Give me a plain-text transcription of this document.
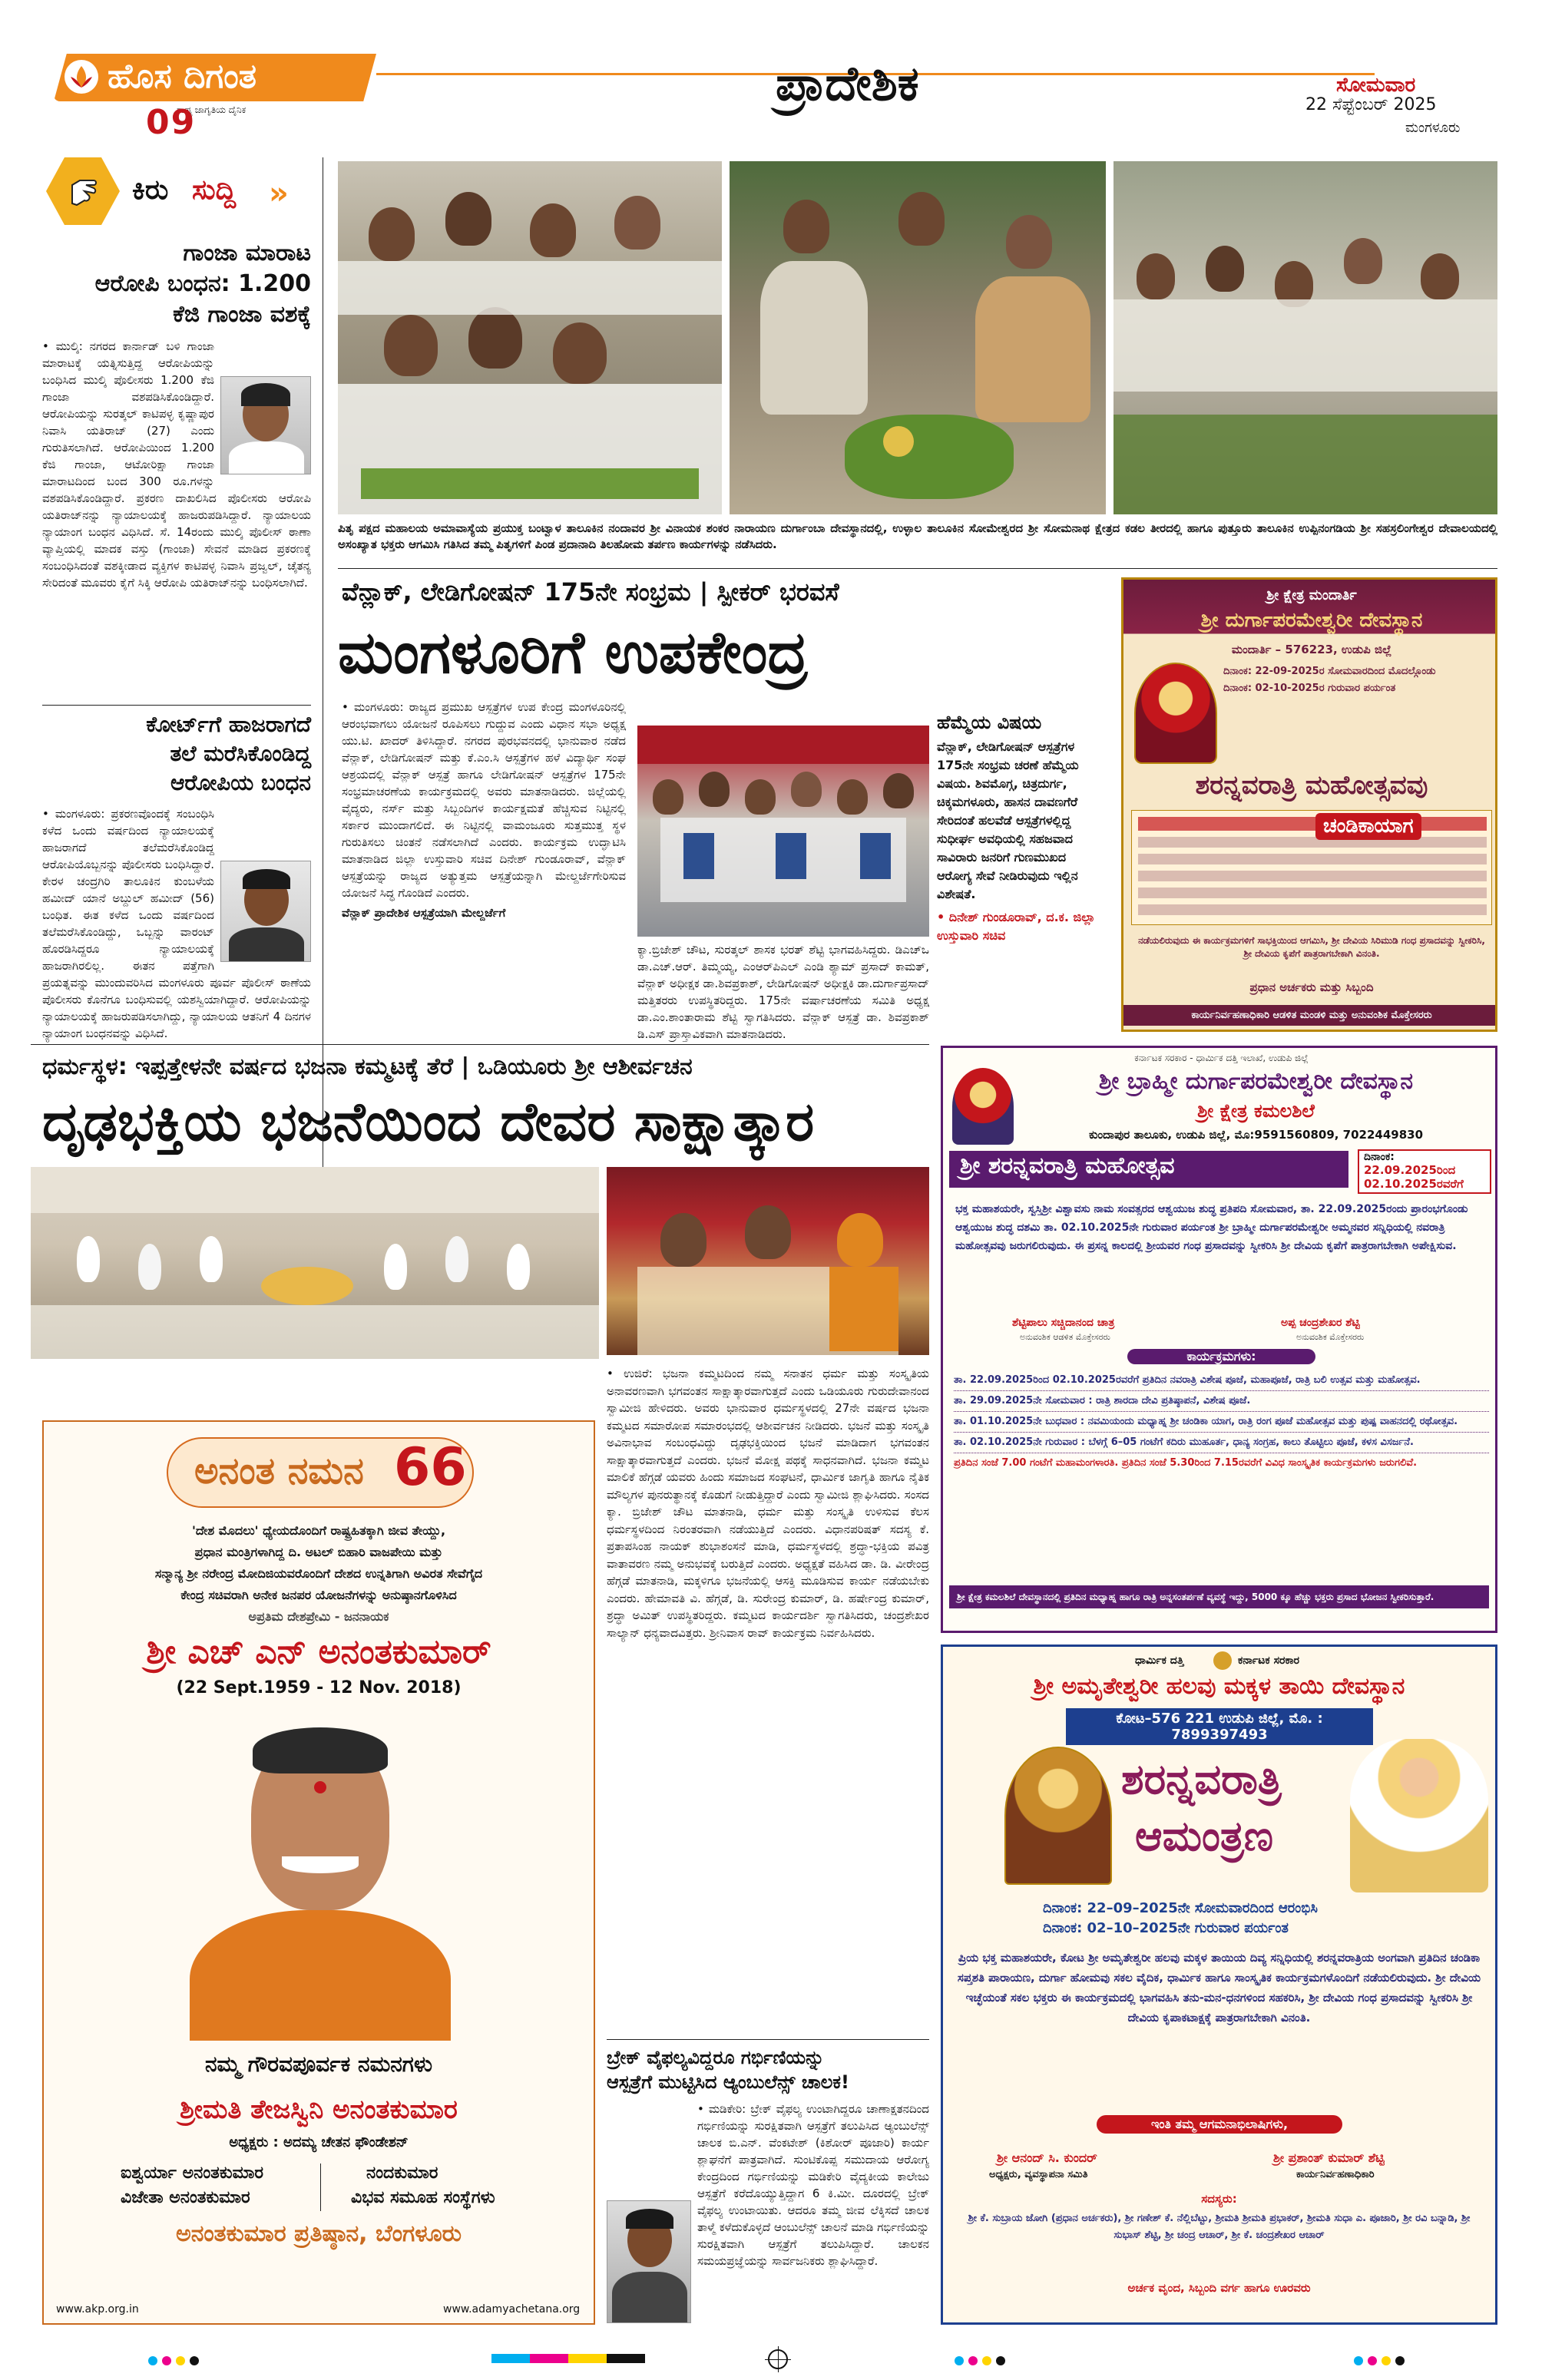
ಹೊಸ ದಿಗಂತ
ರಾಷ್ಟ್ರ ಜಾಗೃತಿಯ ದೈನಿಕ
09
ಪ್ರಾದೇಶಿಕ	ಸೋಮವಾರ
22 ಸೆಪ್ಟೆಂಬರ್ 2025
ಮಂಗಳೂರು
ಕಿರು ಸುದ್ದಿ »
ಗಾಂಜಾ ಮಾರಾಟ
ಆರೋಪಿ ಬಂಧನ: 1.200
ಕೆಜಿ ಗಾಂಜಾ ವಶಕ್ಕೆ

• ಮುಲ್ಕಿ: ನಗರದ ಕಾರ್ನಾಡ್ ಬಳಿ ಗಾಂಜಾ ಮಾರಾಟಕ್ಕೆ ಯತ್ನಿಸುತ್ತಿದ್ದ ಆರೋಪಿಯನ್ನು ಬಂಧಿಸಿದ ಮುಲ್ಕಿ ಪೊಲೀಸರು 1.200 ಕೆಜಿ ಗಾಂಜಾ ವಶಪಡಿಸಿಕೊಂಡಿದ್ದಾರೆ. ಆರೋಪಿಯನ್ನು ಸುರತ್ಕಲ್ ಕಾಟಿಪಳ್ಳ ಕೃಷ್ಣಾಪುರ ನಿವಾಸಿ ಯತಿರಾಜ್ (27) ಎಂದು ಗುರುತಿಸಲಾಗಿದೆ. ಆರೋಪಿಯಿಂದ 1.200 ಕೆಜಿ ಗಾಂಜಾ, ಆಟೋರಿಕ್ಷಾ ಗಾಂಜಾ ಮಾರಾಟದಿಂದ ಬಂದ 300 ರೂ.ಗಳನ್ನು ವಶಪಡಿಸಿಕೊಂಡಿದ್ದಾರೆ. ಪ್ರಕರಣ ದಾಖಲಿಸಿದ ಪೊಲೀಸರು ಆರೋಪಿ ಯತಿರಾಜ್‌ನನ್ನು ನ್ಯಾಯಾಲಯಕ್ಕೆ ಹಾಜರುಪಡಿಸಿದ್ದಾರೆ. ನ್ಯಾಯಾಲಯ ನ್ಯಾಯಾಂಗ ಬಂಧನ ವಿಧಿಸಿದೆ. ಸೆ. 14ರಂದು ಮುಲ್ಕಿ ಪೊಲೀಸ್ ಠಾಣಾ ವ್ಯಾಪ್ತಿಯಲ್ಲಿ ಮಾದಕ ವಸ್ತು (ಗಾಂಜಾ) ಸೇವನೆ ಮಾಡಿದ ಪ್ರಕರಣಕ್ಕೆ ಸಂಬಂಧಿಸಿದಂತೆ ವಶಕ್ಕೀಡಾದ ವ್ಯಕ್ತಿಗಳ ಕಾಟಿಪಳ್ಳ ನಿವಾಸಿ ಪ್ರಜ್ವಲ್, ಚೈತನ್ಯ ಸೇರಿದಂತೆ ಮೂವರು ಕೈಗೆ ಸಿಕ್ಕಿ ಆರೋಪಿ ಯತಿರಾಜ್‌ನನ್ನು ಬಂಧಿಸಲಾಗಿದೆ.

ಕೋರ್ಟ್‌ಗೆ ಹಾಜರಾಗದೆ
ತಲೆ ಮರೆಸಿಕೊಂಡಿದ್ದ
ಆರೋಪಿಯ ಬಂಧನ

• ಮಂಗಳೂರು: ಪ್ರಕರಣವೊಂದಕ್ಕೆ ಸಂಬಂಧಿಸಿ ಕಳೆದ ಒಂದು ವರ್ಷದಿಂದ ನ್ಯಾಯಾಲಯಕ್ಕೆ ಹಾಜರಾಗದೆ ತಲೆಮರೆಸಿಕೊಂಡಿದ್ದ ಆರೋಪಿಯೊಬ್ಬನನ್ನು ಪೊಲೀಸರು ಬಂಧಿಸಿದ್ದಾರೆ. ಕೇರಳ ಚಂದ್ರಗಿರಿ ತಾಲೂಕಿನ ಕುಂಬಳೆಯ ಹಮೀದ್ ಯಾನೆ ಅಬ್ದುಲ್ ಹಮೀದ್ (56) ಬಂಧಿತ. ಈತ ಕಳೆದ ಒಂದು ವರ್ಷದಿಂದ ತಲೆಮರೆಸಿಕೊಂಡಿದ್ದು, ಒಬ್ಬನ್ನು ವಾರಂಟ್ ಹೊರಡಿಸಿದ್ದರೂ ನ್ಯಾಯಾಲಯಕ್ಕೆ ಹಾಜರಾಗಿರಲಿಲ್ಲ. ಈತನ ಪತ್ತೆಗಾಗಿ ಪ್ರಯತ್ನವನ್ನು ಮುಂದುವರಿಸಿದ ಮಂಗಳೂರು ಪೂರ್ವ ಪೊಲೀಸ್ ಠಾಣೆಯ ಪೊಲೀಸರು ಕೊನೆಗೂ ಬಂಧಿಸುವಲ್ಲಿ ಯಶಸ್ವಿಯಾಗಿದ್ದಾರೆ. ಆರೋಪಿಯನ್ನು ನ್ಯಾಯಾಲಯಕ್ಕೆ ಹಾಜರುಪಡಿಸಲಾಗಿದ್ದು, ನ್ಯಾಯಾಲಯ ಆತನಿಗೆ 4 ದಿನಗಳ ನ್ಯಾಯಾಂಗ ಬಂಧನವನ್ನು ವಿಧಿಸಿದೆ.

ಪಿತೃ ಪಕ್ಷದ ಮಹಾಲಯ ಅಮಾವಾಸ್ಯೆಯ ಪ್ರಯುಕ್ತ ಬಂಟ್ವಾಳ ತಾಲೂಕಿನ ನಂದಾವರ ಶ್ರೀ ವಿನಾಯಕ ಶಂಕರ ನಾರಾಯಣ ದುರ್ಗಾಂಬಾ ದೇವಸ್ಥಾನದಲ್ಲಿ, ಉಳ್ಳಾಲ ತಾಲೂಕಿನ ಸೋಮೇಶ್ವರದ ಶ್ರೀ ಸೋಮನಾಥ ಕ್ಷೇತ್ರದ ಕಡಲ ತೀರದಲ್ಲಿ ಹಾಗೂ ಪುತ್ತೂರು ತಾಲೂಕಿನ ಉಪ್ಪಿನಂಗಡಿಯ ಶ್ರೀ ಸಹಸ್ರಲಿಂಗೇಶ್ವರ ದೇವಾಲಯದಲ್ಲಿ ಅಸಂಖ್ಯಾತ ಭಕ್ತರು ಆಗಮಿಸಿ ಗತಿಸಿದ ತಮ್ಮ ಪಿತೃಗಳಿಗೆ ಪಿಂಡ ಪ್ರದಾನಾದಿ ತಿಲಹೋಮ ತರ್ಪಣ ಕಾರ್ಯಗಳನ್ನು ನಡೆಸಿದರು.
ವೆನ್ಲಾಕ್, ಲೇಡಿಗೋಷನ್ 175ನೇ ಸಂಭ್ರಮ | ಸ್ಪೀಕರ್ ಭರವಸೆ
ಮಂಗಳೂರಿಗೆ ಉಪಕೇಂದ್ರ

• ಮಂಗಳೂರು: ರಾಜ್ಯದ ಪ್ರಮುಖ ಆಸ್ಪತ್ರೆಗಳ ಉಪ ಕೇಂದ್ರ ಮಂಗಳೂರಿನಲ್ಲಿ ಆರಂಭವಾಗಲು ಯೋಜನೆ ರೂಪಿಸಲು ಗುದ್ದುವ ಎಂದು ವಿಧಾನ ಸಭಾ ಅಧ್ಯಕ್ಷ ಯು.ಟಿ. ಖಾದರ್ ತಿಳಿಸಿದ್ದಾರೆ. ನಗರದ ಪುರಭವನದಲ್ಲಿ ಭಾನುವಾರ ನಡೆದ ವೆನ್ಲಾಕ್, ಲೇಡಿಗೋಷನ್ ಮತ್ತು ಕೆ.ಎಂ.ಸಿ ಆಸ್ಪತ್ರೆಗಳ ಹಳೆ ವಿದ್ಯಾರ್ಥಿ ಸಂಘ ಆಶ್ರಯದಲ್ಲಿ ವೆನ್ಲಾಕ್ ಆಸ್ಪತ್ರೆ ಹಾಗೂ ಲೇಡಿಗೋಷನ್ ಆಸ್ಪತ್ರೆಗಳ 175ನೇ ಸಂಭ್ರಮಾಚರಣೆಯ ಕಾರ್ಯಕ್ರಮದಲ್ಲಿ ಅವರು ಮಾತನಾಡಿದರು. ಜಿಲ್ಲೆಯಲ್ಲಿ ವೈದ್ಯರು, ನರ್ಸ್ ಮತ್ತು ಸಿಬ್ಬಂದಿಗಳ ಕಾರ್ಯಕ್ಷಮತೆ ಹೆಚ್ಚಿಸುವ ನಿಟ್ಟಿನಲ್ಲಿ ಸರ್ಕಾರ ಮುಂದಾಗಲಿದೆ. ಈ ನಿಟ್ಟಿನಲ್ಲಿ ವಾಮಂಜೂರು ಸುತ್ತಮುತ್ತ ಸ್ಥಳ ಗುರುತಿಸಲು ಚಿಂತನೆ ನಡೆಸಲಾಗಿದೆ ಎಂದರು. ಕಾರ್ಯಕ್ರಮ ಉದ್ಘಾಟಿಸಿ ಮಾತನಾಡಿದ ಜಿಲ್ಲಾ ಉಸ್ತುವಾರಿ ಸಚಿವ ದಿನೇಶ್ ಗುಂಡೂರಾವ್, ವೆನ್ಲಾಕ್ ಆಸ್ಪತ್ರೆಯನ್ನು ರಾಜ್ಯದ ಅತ್ಯುತ್ತಮ ಆಸ್ಪತ್ರೆಯನ್ನಾಗಿ ಮೇಲ್ದರ್ಜೆಗೇರಿಸುವ ಯೋಜನೆ ಸಿದ್ಧ ಗೊಂಡಿದೆ ಎಂದರು.

ವೆನ್ಲಾಕ್ ಪ್ರಾದೇಶಿಕ ಆಸ್ಪತ್ರೆಯಾಗಿ ಮೇಲ್ದರ್ಜೆಗೆ

ಕ್ಯಾ.ಬ್ರಿಜೇಶ್ ಚೌಟ, ಸುರತ್ಕಲ್ ಶಾಸಕ ಭರತ್ ಶೆಟ್ಟಿ ಭಾಗವಹಿಸಿದ್ದರು. ಡಿಎಚ್‌ಒ ಡಾ.ಎಚ್.ಆರ್. ತಿಮ್ಮಯ್ಯ, ಎಂಆರ್‌ಪಿಎಲ್ ಎಂಡಿ ಶ್ಯಾಮ್ ಪ್ರಸಾದ್ ಕಾಮತ್, ವೆನ್ಲಾಕ್ ಅಧೀಕ್ಷಕ ಡಾ.ಶಿವಪ್ರಕಾಶ್, ಲೇಡಿಗೋಷನ್ ಅಧೀಕ್ಷಕಿ ಡಾ.ದುರ್ಗಾಪ್ರಸಾದ್ ಮತ್ತಿತರರು ಉಪಸ್ಥಿತರಿದ್ದರು. 175ನೇ ವರ್ಷಾಚರಣೆಯ ಸಮಿತಿ ಅಧ್ಯಕ್ಷ ಡಾ.ಎಂ.ಶಾಂತಾರಾಮ ಶೆಟ್ಟಿ ಸ್ವಾಗತಿಸಿದರು. ವೆನ್ಲಾಕ್ ಆಸ್ಪತ್ರೆ ಡಾ. ಶಿವಪ್ರಕಾಶ್ ಡಿ.ಎಸ್ ಪ್ರಾಸ್ತಾವಿಕವಾಗಿ ಮಾತನಾಡಿದರು.

ಹೆಮ್ಮೆಯ ವಿಷಯ

ವೆನ್ಲಾಕ್, ಲೇಡಿಗೋಷನ್ ಆಸ್ಪತ್ರೆಗಳ 175ನೇ ಸಂಭ್ರಮ ಚರಣೆ ಹೆಮ್ಮೆಯ ವಿಷಯ. ಶಿವಮೊಗ್ಗ, ಚಿತ್ರದುರ್ಗ, ಚಿಕ್ಕಮಗಳೂರು, ಹಾಸನ ದಾವಣಗೆರೆ ಸೇರಿದಂತೆ ಹಲವೆಡೆ ಆಸ್ಪತ್ರೆಗಳಲ್ಲಿದ್ದ ಸುಧೀರ್ಘ ಅವಧಿಯಲ್ಲಿ ಸಹಜವಾದ ಸಾವಿರಾರು ಜನರಿಗೆ ಗುಣಮುಖದ ಆರೋಗ್ಯ ಸೇವೆ ನೀಡಿರುವುದು ಇಲ್ಲಿನ ವಿಶೇಷತೆ.

• ದಿನೇಶ್ ಗುಂಡೂರಾವ್, ದ.ಕ. ಜಿಲ್ಲಾ ಉಸ್ತುವಾರಿ ಸಚಿವ

ಶ್ರೀ ಕ್ಷೇತ್ರ ಮಂದಾರ್ತಿ
ಶ್ರೀ ದುರ್ಗಾಪರಮೇಶ್ವರೀ ದೇವಸ್ಥಾನ
ಮಂದಾರ್ತಿ – 576223, ಉಡುಪಿ ಜಿಲ್ಲೆ
ದಿನಾಂಕ: 22-09-2025ರ ಸೋಮವಾರದಿಂದ ಮೊದಲ್ಗೊಂಡು
ದಿನಾಂಕ: 02-10-2025ರ ಗುರುವಾರ ಪರ್ಯಂತ
ಶರನ್ನವರಾತ್ರಿ ಮಹೋತ್ಸವವು
ಚಂಡಿಕಾಯಾಗ
ನಡೆಯಲಿರುವುದು ಈ ಕಾರ್ಯಕ್ರಮಗಳಿಗೆ ಸಾಭಕ್ತಿಯಿಂದ ಆಗಮಿಸಿ, ಶ್ರೀ ದೇವಿಯ ಸಿರಿಮುಡಿ ಗಂಧ ಪ್ರಸಾದವನ್ನು ಸ್ವೀಕರಿಸಿ, ಶ್ರೀ ದೇವಿಯ ಕೃಪೆಗೆ ಪಾತ್ರರಾಗಬೇಕಾಗಿ ವಿನಂತಿ.
ಪ್ರಧಾನ ಅರ್ಚಕರು ಮತ್ತು ಸಿಬ್ಬಂದಿ
ಕಾರ್ಯನಿರ್ವಹಣಾಧಿಕಾರಿ ಆಡಳಿತ ಮಂಡಳಿ ಮತ್ತು ಅನುವಂಶಿಕ ಮೊಕ್ತೇಸರರು
ಕರ್ನಾಟಕ ಸರಕಾರ - ಧಾರ್ಮಿಕ ದತ್ತಿ ಇಲಾಖೆ, ಉಡುಪಿ ಜಿಲ್ಲೆ
ಶ್ರೀ ಬ್ರಾಹ್ಮೀ ದುರ್ಗಾಪರಮೇಶ್ವರೀ ದೇವಸ್ಥಾನ
ಶ್ರೀ ಕ್ಷೇತ್ರ ಕಮಲಶಿಲೆ
ಕುಂದಾಪುರ ತಾಲೂಕು, ಉಡುಪಿ ಜಿಲ್ಲೆ, ಮೊ:9591560809, 7022449830
ಶ್ರೀ ಶರನ್ನವರಾತ್ರಿ ಮಹೋತ್ಸವ	ದಿನಾಂಕ:
22.09.2025ರಿಂದ
02.10.2025ರವರೆಗೆ

ಭಕ್ತ ಮಹಾಶಯರೇ, ಸ್ವಸ್ತಿಶ್ರೀ ವಿಶ್ವಾವಸು ನಾಮ ಸಂವತ್ಸರದ ಆಶ್ವಯುಜ ಶುದ್ಧ ಪ್ರತಿಪದಿ ಸೋಮವಾರ, ತಾ. 22.09.2025ರಂದು ಪ್ರಾರಂಭಗೊಂಡು ಆಶ್ವಯುಜ ಶುದ್ಧ ದಶಮಿ ತಾ. 02.10.2025ನೇ ಗುರುವಾರ ಪರ್ಯಂತ ಶ್ರೀ ಬ್ರಾಹ್ಮೀ ದುರ್ಗಾಪರಮೇಶ್ವರೀ ಅಮ್ಮನವರ ಸನ್ನಿಧಿಯಲ್ಲಿ ನವರಾತ್ರಿ ಮಹೋತ್ಸವವು ಜರುಗಲಿರುವುದು. ಈ ಪ್ರಸನ್ನ ಕಾಲದಲ್ಲಿ ಶ್ರೀಯವರ ಗಂಧ ಪ್ರಸಾದವನ್ನು ಸ್ವೀಕರಿಸಿ ಶ್ರೀ ದೇವಿಯ ಕೃಪೆಗೆ ಪಾತ್ರರಾಗಬೇಕಾಗಿ ಅಪೇಕ್ಷಿಸುವ.

ಶೆಟ್ಟಿಪಾಲು ಸಚ್ಚಿದಾನಂದ ಚಾತ್ರ
ಅನುವಂಶಿಕ ಆಡಳಿತ ಮೊಕ್ತೇಸರರು
ಅಪ್ಪ ಚಂದ್ರಶೇಖರ ಶೆಟ್ಟಿ
ಅನುವಂಶಿಕ ಮೊಕ್ತೇಸರರು
ಕಾರ್ಯಕ್ರಮಗಳು:

ತಾ. 22.09.2025ರಿಂದ 02.10.2025ರವರೆಗೆ ಪ್ರತಿದಿನ ನವರಾತ್ರಿ ವಿಶೇಷ ಪೂಜೆ, ಮಹಾಪೂಜೆ, ರಾತ್ರಿ ಬಲಿ ಉತ್ಸವ ಮತ್ತು ಮಹೋತ್ಸವ.

ತಾ. 29.09.2025ನೇ ಸೋಮವಾರ : ರಾತ್ರಿ ಶಾರದಾ ದೇವಿ ಪ್ರತಿಷ್ಠಾಪನೆ, ವಿಶೇಷ ಪೂಜೆ.

ತಾ. 01.10.2025ನೇ ಬುಧವಾರ : ನವಮಿಯಂದು ಮಧ್ಯಾಹ್ನ ಶ್ರೀ ಚಂಡಿಕಾ ಯಾಗ, ರಾತ್ರಿ ರಂಗ ಪೂಜೆ ಮಹೋತ್ಸವ ಮತ್ತು ಪುಷ್ಪ ವಾಹನದಲ್ಲಿ ರಥೋತ್ಸವ.

ತಾ. 02.10.2025ನೇ ಗುರುವಾರ : ಬೆಳಗ್ಗೆ 6–05 ಗಂಟೆಗೆ ಕದಿರು ಮುಹೂರ್ತ, ಧಾನ್ಯ ಸಂಗ್ರಹ, ಕಾಲು ತೊಟ್ಟಿಲು ಪೂಜೆ, ಕಳಸ ವಿಸರ್ಜನೆ.

ಪ್ರತಿದಿನ ಸಂಜೆ 7.00 ಗಂಟೆಗೆ ಮಹಾಮಂಗಳಾರತಿ. ಪ್ರತಿದಿನ ಸಂಜೆ 5.30ರಿಂದ 7.15ರವರೆಗೆ ವಿವಿಧ ಸಾಂಸ್ಕೃತಿಕ ಕಾರ್ಯಕ್ರಮಗಳು ಜರುಗಲಿವೆ.

ಶ್ರೀ ಕ್ಷೇತ್ರ ಕಮಲಶಿಲೆ ದೇವಸ್ಥಾನದಲ್ಲಿ ಪ್ರತಿದಿನ ಮಧ್ಯಾಹ್ನ ಹಾಗೂ ರಾತ್ರಿ ಅನ್ನಸಂತರ್ಪಣೆ ವ್ಯವಸ್ಥೆ ಇದ್ದು, 5000 ಕ್ಕೂ ಹೆಚ್ಚು ಭಕ್ತರು ಪ್ರಸಾದ ಭೋಜನ ಸ್ವೀಕರಿಸುತ್ತಾರೆ.
ಧರ್ಮಸ್ಥಳ: ಇಪ್ಪತ್ತೇಳನೇ ವರ್ಷದ ಭಜನಾ ಕಮ್ಮಟಕ್ಕೆ ತೆರೆ | ಒಡಿಯೂರು ಶ್ರೀ ಆಶೀರ್ವಚನ
ದೃಢಭಕ್ತಿಯ ಭಜನೆಯಿಂದ ದೇವರ ಸಾಕ್ಷಾತ್ಕಾರ

• ಉಜಿರೆ: ಭಜನಾ ಕಮ್ಮಟದಿಂದ ನಮ್ಮ ಸನಾತನ ಧರ್ಮ ಮತ್ತು ಸಂಸ್ಕೃತಿಯ ಅನಾವರಣವಾಗಿ ಭಗವಂತನ ಸಾಕ್ಷಾತ್ಕಾರವಾಗುತ್ತದೆ ಎಂದು ಒಡಿಯೂರು ಗುರುದೇವಾನಂದ ಸ್ವಾಮೀಜಿ ಹೇಳಿದರು. ಅವರು ಭಾನುವಾರ ಧರ್ಮಸ್ಥಳದಲ್ಲಿ 27ನೇ ವರ್ಷದ ಭಜನಾ ಕಮ್ಮಟದ ಸಮಾರೋಪ ಸಮಾರಂಭದಲ್ಲಿ ಆಶೀರ್ವಚನ ನೀಡಿದರು. ಭಜನೆ ಮತ್ತು ಸಂಸ್ಕೃತಿ ಅವಿನಾಭಾವ ಸಂಬಂಧವಿದ್ದು ದೃಢಭಕ್ತಿಯಿಂದ ಭಜನೆ ಮಾಡಿದಾಗ ಭಗವಂತನ ಸಾಕ್ಷಾತ್ಕಾರವಾಗುತ್ತದೆ ಎಂದರು. ಭಜನೆ ಮೋಕ್ಷ ಪಥಕ್ಕೆ ಸಾಧನವಾಗಿದೆ. ಭಜನಾ ಕಮ್ಮಟ ಮಾಲಿಕೆ ಹೆಗ್ಗಡೆ ಯವರು ಹಿಂದು ಸಮಾಜದ ಸಂಘಟನೆ, ಧಾರ್ಮಿಕ ಜಾಗೃತಿ ಹಾಗೂ ನೈತಿಕ ಮೌಲ್ಯಗಳ ಪುನರುತ್ಥಾನಕ್ಕೆ ಕೊಡುಗೆ ನೀಡುತ್ತಿದ್ದಾರೆ ಎಂದು ಸ್ವಾಮೀಜಿ ಶ್ಲಾಘಿಸಿದರು. ಸಂಸದ ಕ್ಯಾ. ಬ್ರಿಜೇಶ್ ಚೌಟ ಮಾತನಾಡಿ, ಧರ್ಮ ಮತ್ತು ಸಂಸ್ಕೃತಿ ಉಳಿಸುವ ಕೆಲಸ ಧರ್ಮಸ್ಥಳದಿಂದ ನಿರಂತರವಾಗಿ ನಡೆಯುತ್ತಿದೆ ಎಂದರು. ವಿಧಾನಪರಿಷತ್ ಸದಸ್ಯ ಕೆ. ಪ್ರತಾಪಸಿಂಹ ನಾಯಕ್ ಶುಭಾಶಂಸನೆ ಮಾಡಿ, ಧರ್ಮಸ್ಥಳದಲ್ಲಿ ಶ್ರದ್ಧಾ-ಭಕ್ತಿಯ ಪವಿತ್ರ ವಾತಾವರಣ ನಮ್ಮ ಅನುಭವಕ್ಕೆ ಬರುತ್ತಿದೆ ಎಂದರು. ಅಧ್ಯಕ್ಷತೆ ವಹಿಸಿದ ಡಾ. ಡಿ. ವೀರೇಂದ್ರ ಹೆಗ್ಗಡೆ ಮಾತನಾಡಿ, ಮಕ್ಕಳಿಗೂ ಭಜನೆಯಲ್ಲಿ ಆಸಕ್ತಿ ಮೂಡಿಸುವ ಕಾರ್ಯ ನಡೆಯಬೇಕು ಎಂದರು. ಹೇಮಾವತಿ ವಿ. ಹೆಗ್ಗಡೆ, ಡಿ. ಸುರೇಂದ್ರ ಕುಮಾರ್, ಡಿ. ಹರ್ಷೇಂದ್ರ ಕುಮಾರ್, ಶ್ರದ್ಧಾ ಅಮಿತ್ ಉಪಸ್ಥಿತರಿದ್ದರು. ಕಮ್ಮಟದ ಕಾರ್ಯದರ್ಶಿ ಸ್ವಾಗತಿಸಿದರು, ಚಂದ್ರಶೇಖರ ಸಾಲ್ಯಾನ್ ಧನ್ಯವಾದವಿತ್ತರು. ಶ್ರೀನಿವಾಸ ರಾವ್ ಕಾರ್ಯಕ್ರಮ ನಿರ್ವಹಿಸಿದರು.

ಅನಂತ ನಮನ 66
'ದೇಶ ಮೊದಲು' ಧ್ಯೇಯದೊಂದಿಗೆ ರಾಷ್ಟ್ರಹಿತಕ್ಕಾಗಿ ಜೀವ ತೇಯ್ದು,
ಪ್ರಧಾನ ಮಂತ್ರಿಗಳಾಗಿದ್ದ ದಿ. ಅಟಲ್ ಬಿಹಾರಿ ವಾಜಪೇಯಿ ಮತ್ತು
ಸನ್ಮಾನ್ಯ ಶ್ರೀ ನರೇಂದ್ರ ಮೋದಿಜಿಯವರೊಂದಿಗೆ ದೇಶದ ಉನ್ನತಿಗಾಗಿ ಅವಿರತ ಸೇವೆಗೈದ
ಕೇಂದ್ರ ಸಚಿವರಾಗಿ ಅನೇಕ ಜನಪರ ಯೋಜನೆಗಳನ್ನು ಅನುಷ್ಠಾನಗೊಳಿಸಿದ
ಅಪ್ರತಿಮ ದೇಶಪ್ರೇಮಿ - ಜನನಾಯಕ
ಶ್ರೀ ಎಚ್ ಎನ್ ಅನಂತಕುಮಾರ್
(22 Sept.1959 - 12 Nov. 2018)
ನಮ್ಮ ಗೌರವಪೂರ್ವಕ ನಮನಗಳು
ಶ್ರೀಮತಿ ತೇಜಸ್ವಿನಿ ಅನಂತಕುಮಾರ
ಅಧ್ಯಕ್ಷರು : ಅದಮ್ಯ ಚೇತನ ಫೌಂಡೇಶನ್
ಐಶ್ವರ್ಯಾ ಅನಂತಕುಮಾರ
ವಿಜೇತಾ ಅನಂತಕುಮಾರ
ನಂದಕುಮಾರ
ವಿಭವ ಸಮೂಹ ಸಂಸ್ಥೆಗಳು
ಅನಂತಕುಮಾರ ಪ್ರತಿಷ್ಠಾನ, ಬೆಂಗಳೂರು
www.akp.org.in	www.adamyachetana.org
ಬ್ರೇಕ್ ವೈಫಲ್ಯವಿದ್ದರೂ ಗರ್ಭಿಣಿಯನ್ನು
ಆಸ್ಪತ್ರೆಗೆ ಮುಟ್ಟಿಸಿದ ಆ್ಯಂಬುಲೆನ್ಸ್ ಚಾಲಕ!

• ಮಡಿಕೇರಿ: ಬ್ರೇಕ್ ವೈಫಲ್ಯ ಉಂಟಾಗಿದ್ದರೂ ಚಾಣಾಕ್ಷತನದಿಂದ ಗರ್ಭಿಣಿಯನ್ನು ಸುರಕ್ಷಿತವಾಗಿ ಆಸ್ಪತ್ರೆಗೆ ತಲುಪಿಸಿದ ಆ್ಯಂಬುಲೆನ್ಸ್ ಚಾಲಕ ಬಿ.ಎನ್. ವೆಂಕಟೇಶ್ (ಕಿಶೋರ್ ಪೂಜಾರಿ) ಕಾರ್ಯ ಶ್ಲಾಘನೆಗೆ ಪಾತ್ರವಾಗಿದೆ. ಸುಂಟಿಕೊಪ್ಪ ಸಮುದಾಯ ಆರೋಗ್ಯ ಕೇಂದ್ರದಿಂದ ಗರ್ಭಿಣಿಯನ್ನು ಮಡಿಕೇರಿ ವೈದ್ಯಕೀಯ ಕಾಲೇಜು ಆಸ್ಪತ್ರೆಗೆ ಕರೆದೊಯ್ಯುತ್ತಿದ್ದಾಗ 6 ಕಿ.ಮೀ. ದೂರದಲ್ಲಿ ಬ್ರೇಕ್ ವೈಫಲ್ಯ ಉಂಟಾಯಿತು. ಆದರೂ ತಮ್ಮ ಜೀವ ಲೆಕ್ಕಿಸದೆ ಚಾಲಕ ತಾಳ್ಮೆ ಕಳೆದುಕೊಳ್ಳದೆ ಆಂಬುಲೆನ್ಸ್ ಚಾಲನೆ ಮಾಡಿ ಗರ್ಭಿಣಿಯನ್ನು ಸುರಕ್ಷಿತವಾಗಿ ಆಸ್ಪತ್ರೆಗೆ ತಲುಪಿಸಿದ್ದಾರೆ. ಚಾಲಕನ ಸಮಯಪ್ರಜ್ಞೆಯನ್ನು ಸಾರ್ವಜನಿಕರು ಶ್ಲಾಘಿಸಿದ್ದಾರೆ.

ಧಾರ್ಮಿಕ ದತ್ತಿ	ಕರ್ನಾಟಕ ಸರಕಾರ
ಶ್ರೀ ಅಮೃತೇಶ್ವರೀ ಹಲವು ಮಕ್ಕಳ ತಾಯಿ ದೇವಸ್ಥಾನ
ಕೋಟ–576 221 ಉಡುಪಿ ಜಿಲ್ಲೆ, ಮೊ. : 7899397493
ಶರನ್ನವರಾತ್ರಿ
ಆಮಂತ್ರಣ
ದಿನಾಂಕ: 22–09–2025ನೇ ಸೋಮವಾರದಿಂದ ಆರಂಭಿಸಿ
ದಿನಾಂಕ: 02–10–2025ನೇ ಗುರುವಾರ ಪರ್ಯಂತ

ಪ್ರಿಯ ಭಕ್ತ ಮಹಾಶಯರೇ, ಕೋಟ ಶ್ರೀ ಅಮೃತೇಶ್ವರೀ ಹಲವು ಮಕ್ಕಳ ತಾಯಿಯ ದಿವ್ಯ ಸನ್ನಿಧಿಯಲ್ಲಿ ಶರನ್ನವರಾತ್ರಿಯ ಅಂಗವಾಗಿ ಪ್ರತಿದಿನ ಚಂಡಿಕಾ ಸಪ್ತಶತಿ ಪಾರಾಯಣ, ದುರ್ಗಾ ಹೋಮವು ಸಕಲ ವೈದಿಕ, ಧಾರ್ಮಿಕ ಹಾಗೂ ಸಾಂಸ್ಕೃತಿಕ ಕಾರ್ಯಕ್ರಮಗಳೊಂದಿಗೆ ನಡೆಯಲಿರುವುದು. ಶ್ರೀ ದೇವಿಯ ಇಚ್ಛೆಯಂತೆ ಸಕಲ ಭಕ್ತರು ಈ ಕಾರ್ಯಕ್ರಮದಲ್ಲಿ ಭಾಗವಹಿಸಿ ತನು-ಮನ-ಧನಗಳಿಂದ ಸಹಕರಿಸಿ, ಶ್ರೀ ದೇವಿಯ ಗಂಧ ಪ್ರಸಾದವನ್ನು ಸ್ವೀಕರಿಸಿ ಶ್ರೀ ದೇವಿಯ ಕೃಪಾಕಟಾಕ್ಷಕ್ಕೆ ಪಾತ್ರರಾಗಬೇಕಾಗಿ ವಿನಂತಿ.

ಇಂತಿ ತಮ್ಮ ಆಗಮನಾಭಿಲಾಷಿಗಳು,
ಶ್ರೀ ಆನಂದ್ ಸಿ. ಕುಂದರ್
ಅಧ್ಯಕ್ಷರು, ವ್ಯವಸ್ಥಾಪನಾ ಸಮಿತಿ
ಶ್ರೀ ಪ್ರಶಾಂತ್ ಕುಮಾರ್ ಶೆಟ್ಟಿ
ಕಾರ್ಯನಿರ್ವಹಣಾಧಿಕಾರಿ
ಸದಸ್ಯರು:

ಶ್ರೀ ಕೆ. ಸುಬ್ರಾಯ ಜೋಗಿ (ಪ್ರಧಾನ ಅರ್ಚಕರು), ಶ್ರೀ ಗಣೇಶ್ ಕೆ. ನೆಲ್ಲಿಬೆಟ್ಟು, ಶ್ರೀಮತಿ ಶ್ರೀಮತಿ ಪ್ರಭಾಕರ್, ಶ್ರೀಮತಿ ಸುಧಾ ಎ. ಪೂಜಾರಿ, ಶ್ರೀ ರವಿ ಬನ್ನಾಡಿ, ಶ್ರೀ ಸುಭಾಸ್ ಶೆಟ್ಟಿ, ಶ್ರೀ ಚಂದ್ರ ಆಚಾರ್, ಶ್ರೀ ಕೆ. ಚಂದ್ರಶೇಖರ ಆಚಾರ್

ಅರ್ಚಕ ವೃಂದ, ಸಿಬ್ಬಂದಿ ವರ್ಗ ಹಾಗೂ ಊರವರು
